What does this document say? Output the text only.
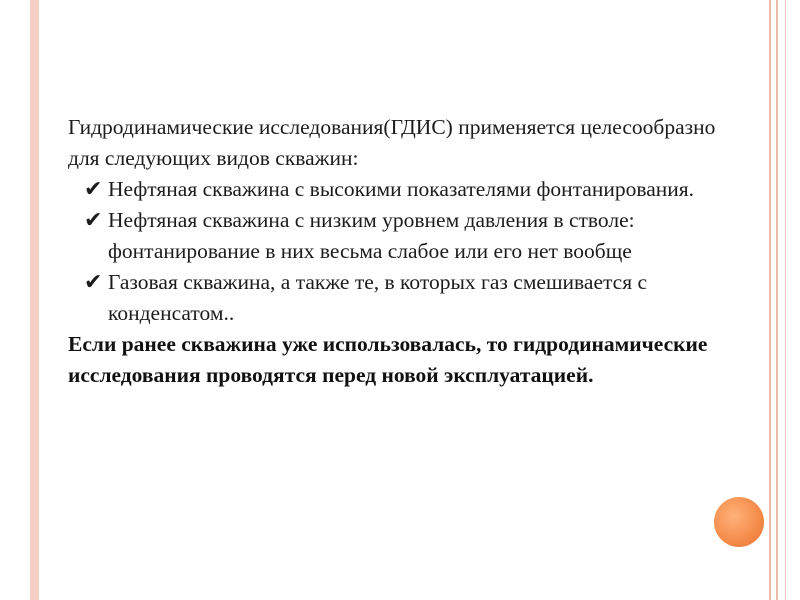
Гидродинамические исследования(ГДИС) применяется целесообразно для следующих видов скважин:

✔ Нефтяная скважина с высокими показателями фонтанирования.
✔ Нефтяная скважина с низким уровнем давления в стволе: фонтанирование в них весьма слабое или его нет вообще
✔ Газовая скважина, а также те, в которых газ смешивается с конденсатом..

Если ранее скважина уже использовалась, то гидродинамические исследования проводятся перед новой эксплуатацией.
